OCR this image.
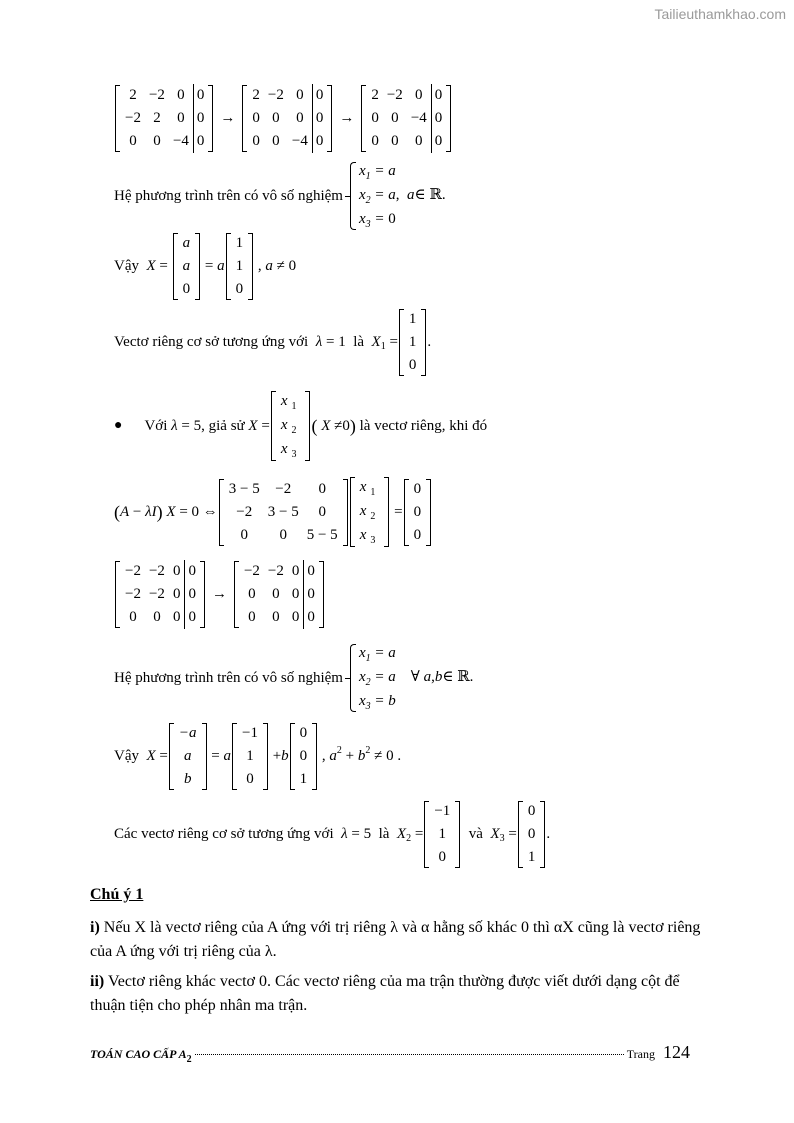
Tailieuthamkhao.com
2 −2 0 0
−2 2 0 0
0 0 −4 0
→
2 −2 0 0
0 0 0 0
0 0 −4 0
→
2 −2 0 0
0 0 −4 0
0 0 0 0
Hệ phương trình trên có vô số nghiệm
$x_1 = a$
$x_2 = a$,  a∈ ℝ.
$x_3 = 0$
Vậy
X =
a
a
0
= a
1
1
0
, a ≠ 0
Vectơ riêng cơ sở tương ứng với
λ = 1 là
X 1 =
1
1
0
.
● Với
λ = 5 , giả sử
X =
x $_1$
x $_2$
x $_3$
(
X ≠0 )
là vectơ riêng, khi đó
( A − λI )
X = 0 ⇔
3 − 5 −2 0
−2 3 − 5 0
0 0 5 − 5
x $_1$
x $_2$
x $_3$
=
0
0
0
−2 −2 0 0
−2 −2 0 0
0 0 0 0
→
−2 −2 0 0
0 0 0 0
0 0 0 0
Hệ phương trình trên có vô số nghiệm
$x_1 = a$
$x_2 = a$    ∀ a,b∈ ℝ.
$x_3 = b$
Vậy
X =
−a
a
b
= a
−1
1
0
+ b
0
0
1
, a 2 + b 2 ≠ 0 .
Các vectơ riêng cơ sở tương ứng với
λ = 5 là
X 2 =
−1
1
0

và
X 3 =
0
0
1
.
Chú ý 1
i) Nếu X là vectơ riêng của A ứng với trị riêng λ và α hằng số khác 0 thì αX cũng là vectơ riêng của A ứng với trị riêng của λ.
ii) Vectơ riêng khác vectơ 0. Các vectơ riêng của ma trận thường được viết dưới dạng cột để thuận tiện cho phép nhân ma trận.
TOÁN CAO CẤP $A_2$	Trang 124
